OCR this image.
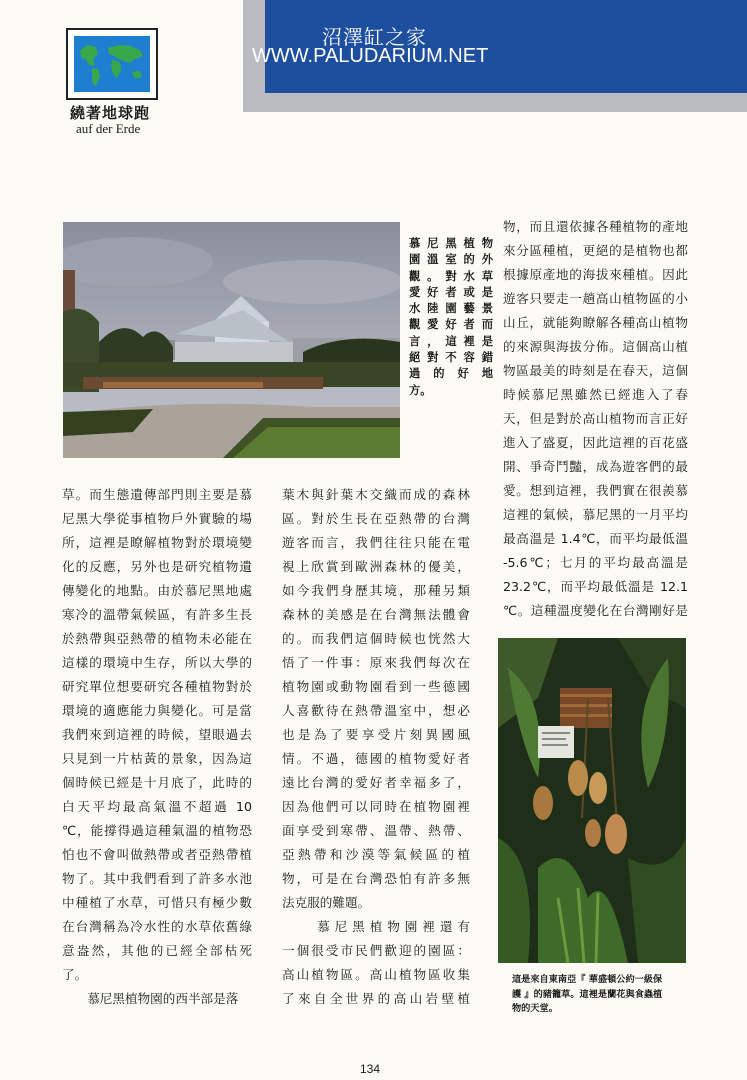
沼澤缸之家
WWW.PALUDARIUM.NET
繞著地球跑
auf der Erde
慕尼黑植物
園溫室的外
觀。對水草
愛好者或是
水陸園藝景
觀愛好者而
言，這裡是
絕對不容錯
過 的 好 地
方。

草。而生態遺傳部門則主要是慕

尼黑大學從事植物戶外實驗的場

所，這裡是瞭解植物對於環境變

化的反應，另外也是研究植物遺

傳變化的地點。由於慕尼黑地處

寒冷的溫帶氣候區，有許多生長

於熱帶與亞熱帶的植物未必能在

這樣的環境中生存，所以大學的

研究單位想要研究各種植物對於

環境的適應能力與變化。可是當

我們來到這裡的時候，望眼過去

只見到一片枯黃的景象，因為這

個時候已經是十月底了，此時的

白天平均最高氣溫不超過 10

℃，能撐得過這種氣溫的植物恐

怕也不會叫做熱帶或者亞熱帶植

物了。其中我們看到了許多水池

中種植了水草，可惜只有極少數

在台灣稱為冷水性的水草依舊綠

意盎然，其他的已經全部枯死

了。

　　慕尼黑植物園的西半部是落

葉木與針葉木交織而成的森林

區。對於生長在亞熱帶的台灣

遊客而言，我們往往只能在電

視上欣賞到歐洲森林的優美，

如今我們身歷其境，那種另類

森林的美感是在台灣無法體會

的。而我們這個時候也恍然大

悟了一件事：原來我們每次在

植物園或動物園看到一些德國

人喜歡待在熱帶溫室中，想必

也是為了要享受片刻異國風

情。不過，德國的植物愛好者

遠比台灣的愛好者幸福多了，

因為他們可以同時在植物園裡

面享受到寒帶、溫帶、熱帶、

亞熱帶和沙漠等氣候區的植

物，可是在台灣恐怕有許多無

法克服的難題。

　　慕尼黑植物園裡還有

一個很受市民們歡迎的園區：

高山植物區。高山植物區收集

了來自全世界的高山岩壁植

物，而且還依據各種植物的產地

來分區種植，更絕的是植物也都

根據原產地的海拔來種植。因此

遊客只要走一趟高山植物區的小

山丘，就能夠瞭解各種高山植物

的來源與海拔分佈。這個高山植

物區最美的時刻是在春天，這個

時候慕尼黑雖然已經進入了春

天，但是對於高山植物而言正好

進入了盛夏，因此這裡的百花盛

開、爭奇鬥豔，成為遊客們的最

愛。想到這裡，我們實在很羨慕

這裡的氣候，慕尼黑的一月平均

最高溫是 1.4℃，而平均最低溫

-5.6℃；七月的平均最高溫是

23.2℃，而平均最低溫是 12.1

℃。這種溫度變化在台灣剛好是

這是來自東南亞『 華盛頓公約一級保
護 』的豬籠草。這裡是蘭花與食蟲植
物的天堂。
134
